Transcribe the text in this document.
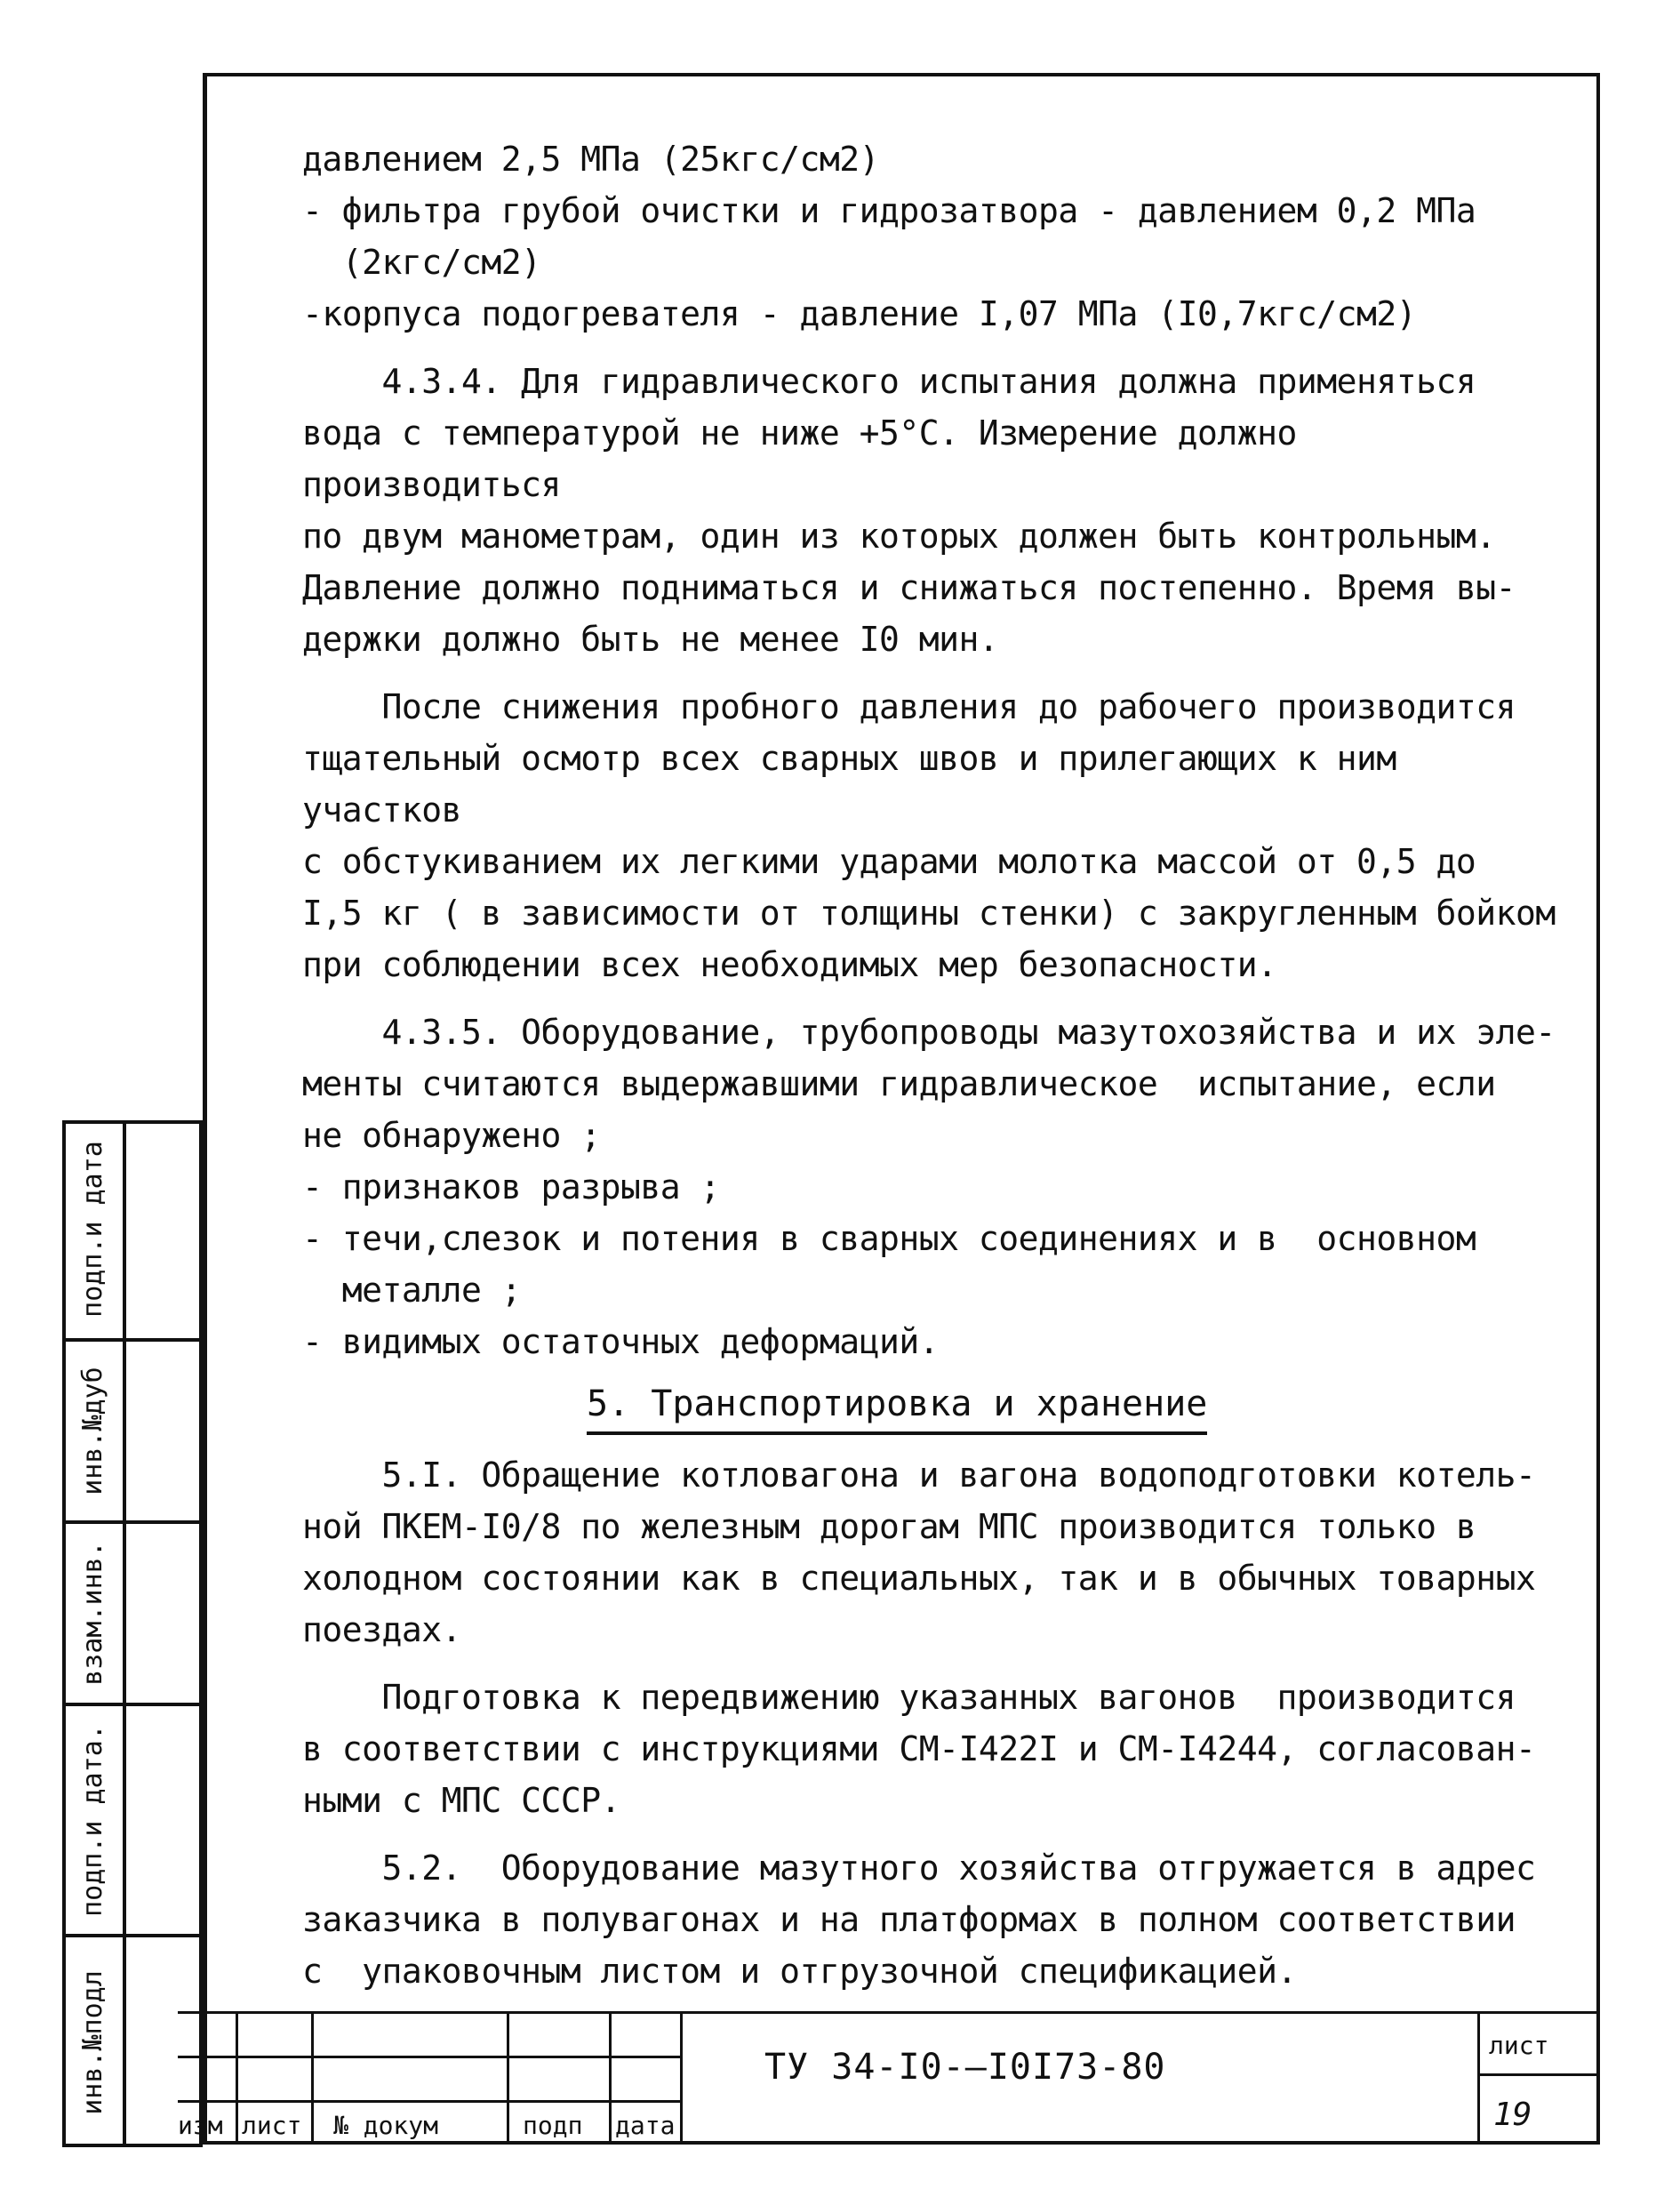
давлением 2,5 МПа (25кгс/см2)

- фильтра грубой очистки и гидрозатвора - давлением 0,2 МПа
(2кгс/см2)

-корпуса подогревателя - давление I,07 МПа (I0,7кгс/см2)

4.3.4. Для гидравлического испытания должна применяться
вода с температурой не ниже +5°С. Измерение должно производиться
по двум манометрам, один из которых должен быть контрольным.
Давление должно подниматься и снижаться постепенно. Время вы-
держки должно быть не менее I0 мин.

После снижения пробного давления до рабочего производится
тщательный осмотр всех сварных швов и прилегающих к ним участков
с обстукиванием их легкими ударами молотка массой от 0,5 до
I,5 кг ( в зависимости от толщины стенки) с закругленным бойком
при соблюдении всех необходимых мер безопасности.

4.3.5. Оборудование, трубопроводы мазутохозяйства и их эле-
менты считаются выдержавшими гидравлическое  испытание, если
не обнаружено ;
- признаков разрыва ;
- течи,слезок и потения в сварных соединениях и в  основном
металле ;
- видимых остаточных деформаций.

5. Транспортировка и хранение

5.I. Обращение котловагона и вагона водоподготовки котель-
ной ПКЕМ-I0/8 по железным дорогам МПС производится только в
холодном состоянии как в специальных, так и в обычных товарных
поездах.

Подготовка к передвижению указанных вагонов  производится
в соответствии с инструкциями СМ-I422I и СМ-I4244, согласован-
ными с МПС СССР.

5.2.  Оборудование мазутного хозяйства отгружается в адрес
заказчика в полувагонах и на платформах в полном соответствии
с  упаковочным листом и отгрузочной спецификацией.

подп.и дата
инв.№дуб
взам.инв.
подп.и дата.
инв.№подл
изм лист № докум	подп дата
ТУ 34-I0-—I0I73-80
лист
19
